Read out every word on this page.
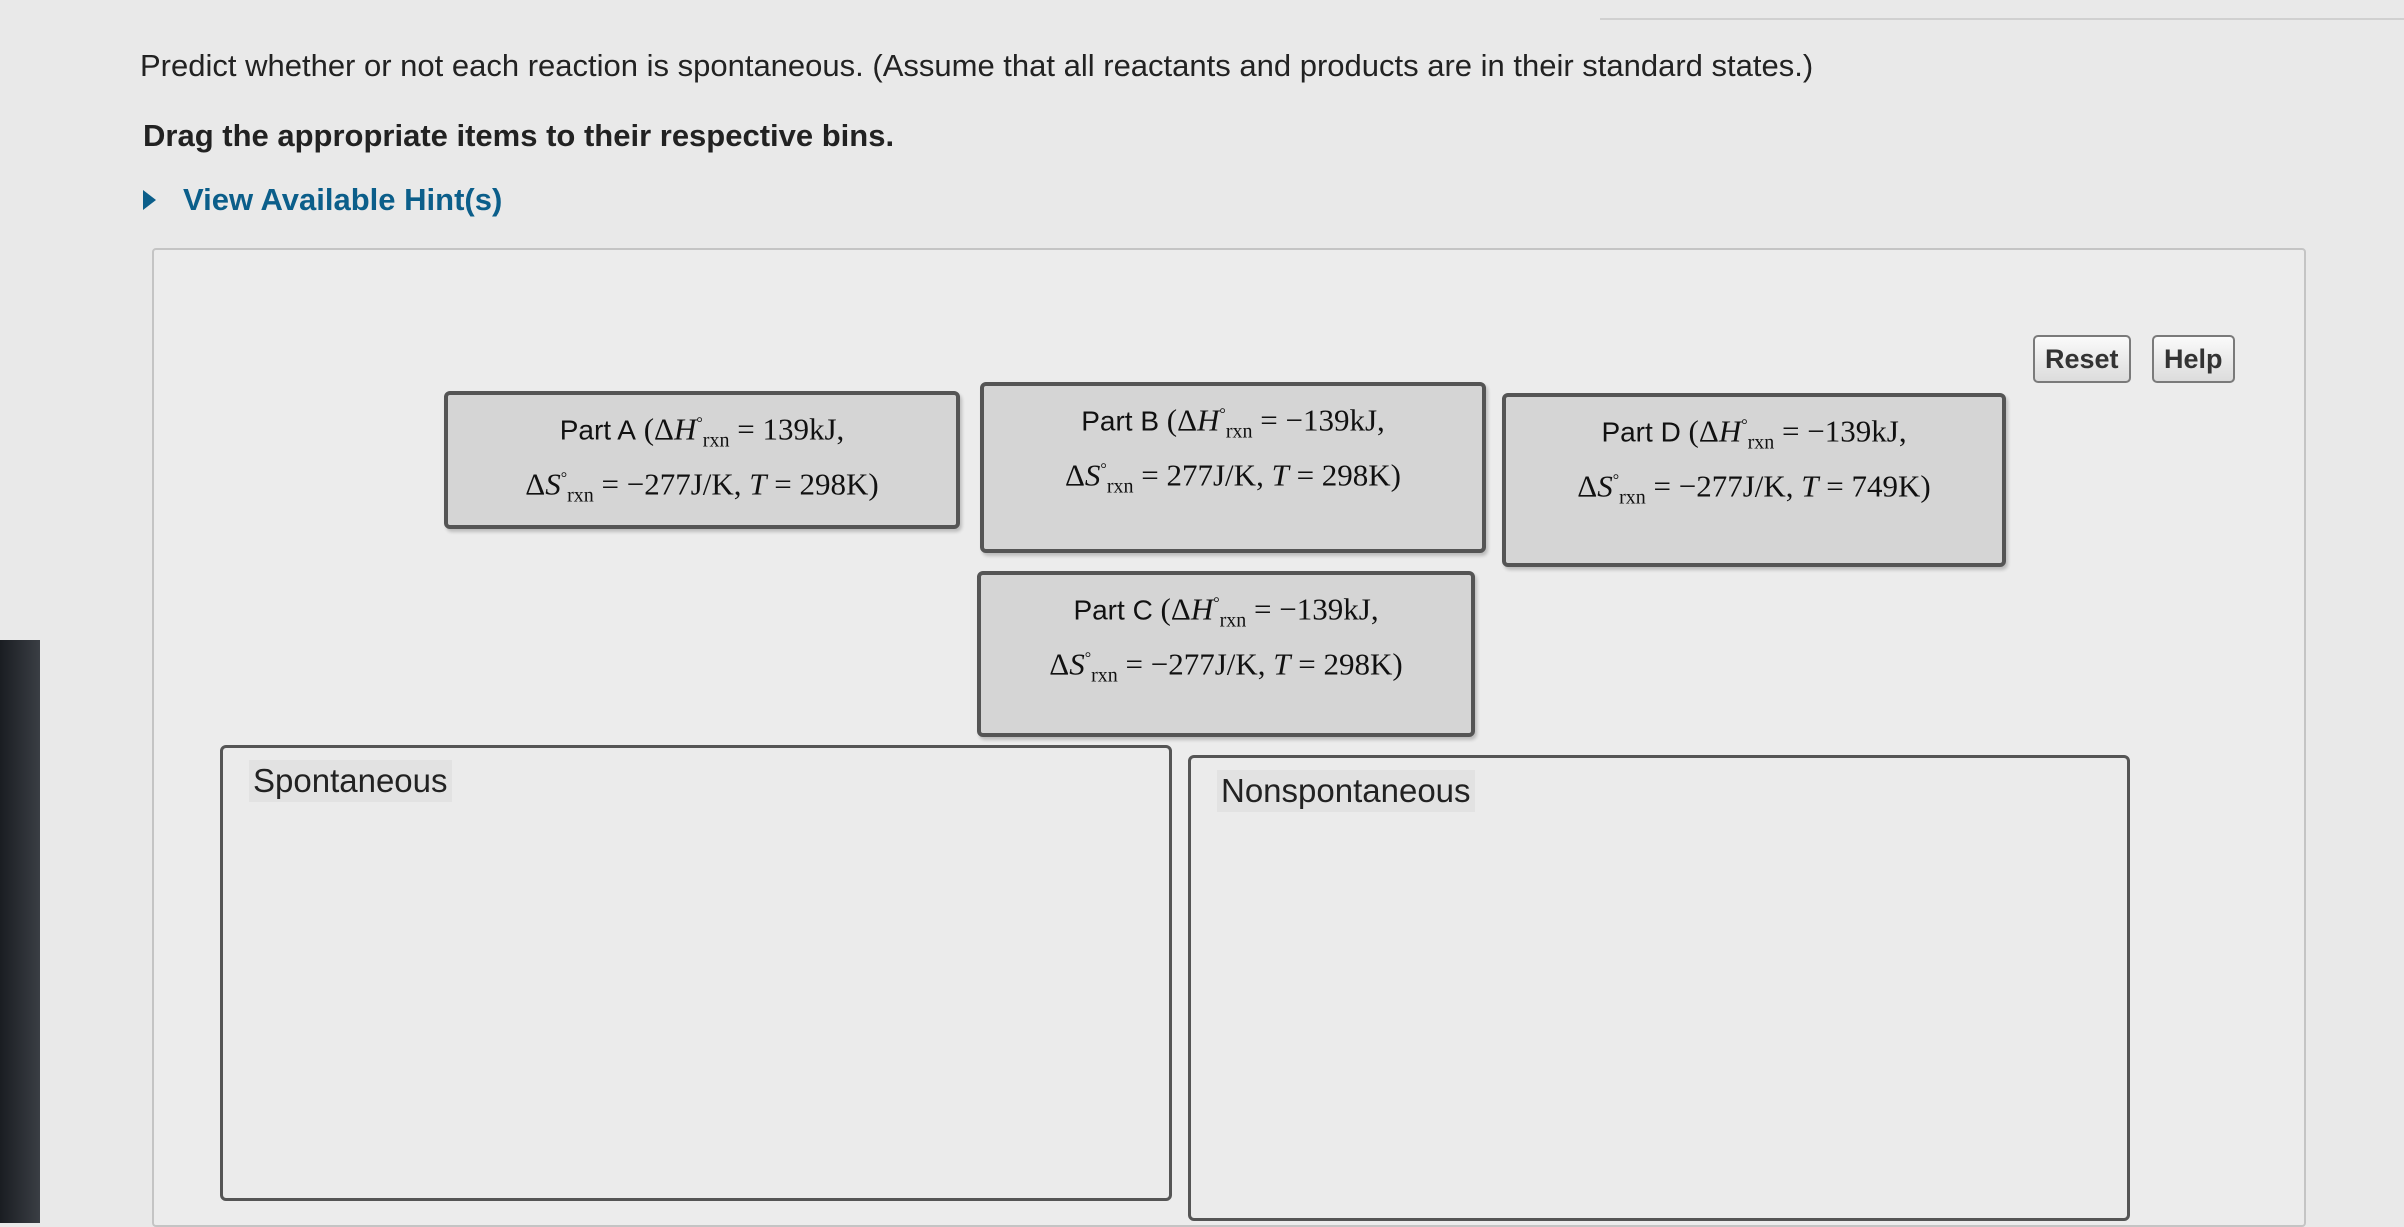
Predict whether or not each reaction is spontaneous. (Assume that all reactants and products are in their standard states.)
Drag the appropriate items to their respective bins.
View Available Hint(s)
Reset	Help
Part A ($\Delta H^\circ_{rxn} = 139kJ$,
$\Delta S^\circ_{rxn} = -277J/K$, T = 298K)
Part B ($\Delta H^\circ_{rxn} = -139kJ$,
$\Delta S^\circ_{rxn} = 277J/K$, T = 298K)
Part D ($\Delta H^\circ_{rxn} = -139kJ$,
$\Delta S^\circ_{rxn} = -277J/K$, T = 749K)
Part C ($\Delta H^\circ_{rxn} = -139kJ$,
$\Delta S^\circ_{rxn} = -277J/K$, T = 298K)
Spontaneous	Nonspontaneous
